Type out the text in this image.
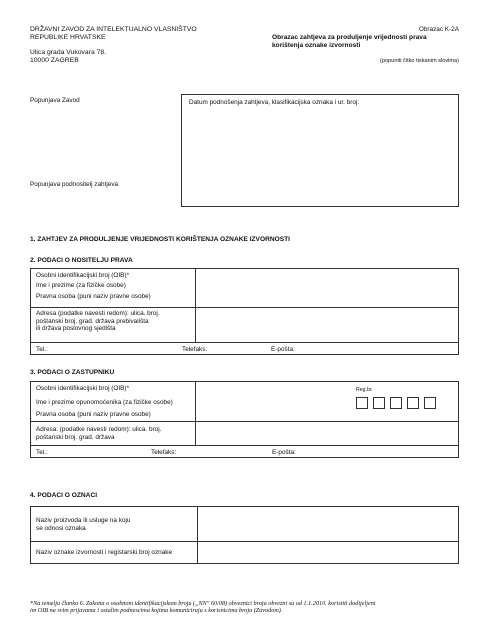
DRŽAVNI ZAVOD ZA INTELEKTUALNO VLASNIŠTVO
REPUBLIKE HRVATSKE
Ulica grada Vukovara 78.
10000 ZAGREB
Obrazac K-2A
Obrazac zahtjeva za produljenje vrijednosti prava
korištenja oznake izvornosti
(popuniti čitko tiskanim slovima)
Popunjava Zavod
Popunjava podnositelj zahtjeva
Datum podnošenja zahtjeva, klasifikacijska oznaka i ur. broj:
1. ZAHTJEV ZA PRODULJENJE VRIJEDNOSTI KORIŠTENJA OZNAKE IZVORNOSTI
2. PODACI O NOSITELJU PRAVA
Osobni identifikacijski broj (OIB)*
Ime i prezime (za fizičke osobe)
Pravna osoba (puni naziv pravne osobe)
Adresa (podatke navesti redom): ulica. broj.
poštanski broj. grad. država prebivališta
ili država poslovnog sjedišta
Tel.:	Telefaks:	E-pošta:
3. PODACI O ZASTUPNIKU
Osobni identifikacijski broj (OIB)*
Ime i prezime opunomoćenika (za fizičke osobe)
Pravna osoba (puni naziv pravne osobe)
Reg.br.
Adresa: (podatke navesti redom): ulica. broj.
poštanski broj. grad. država
Tel.:	Telefaks:	E-pošta:
4. PODACI O OZNACI
Naziv proizvoda ili usluge na koju
se odnosi oznaka
Naziv oznake izvornosti i registarski broj oznake
*Na temelju članka 6. Zakona o osobnom identifikacijskom broju („NN" 60/08) obveznici broja obvezni su od 1.1.2010. koristiti dodijeljeni
im OIB na svim prijavama i ostalim podnescima kojima komuniciraju s korisnicima broja (Zavodom).
